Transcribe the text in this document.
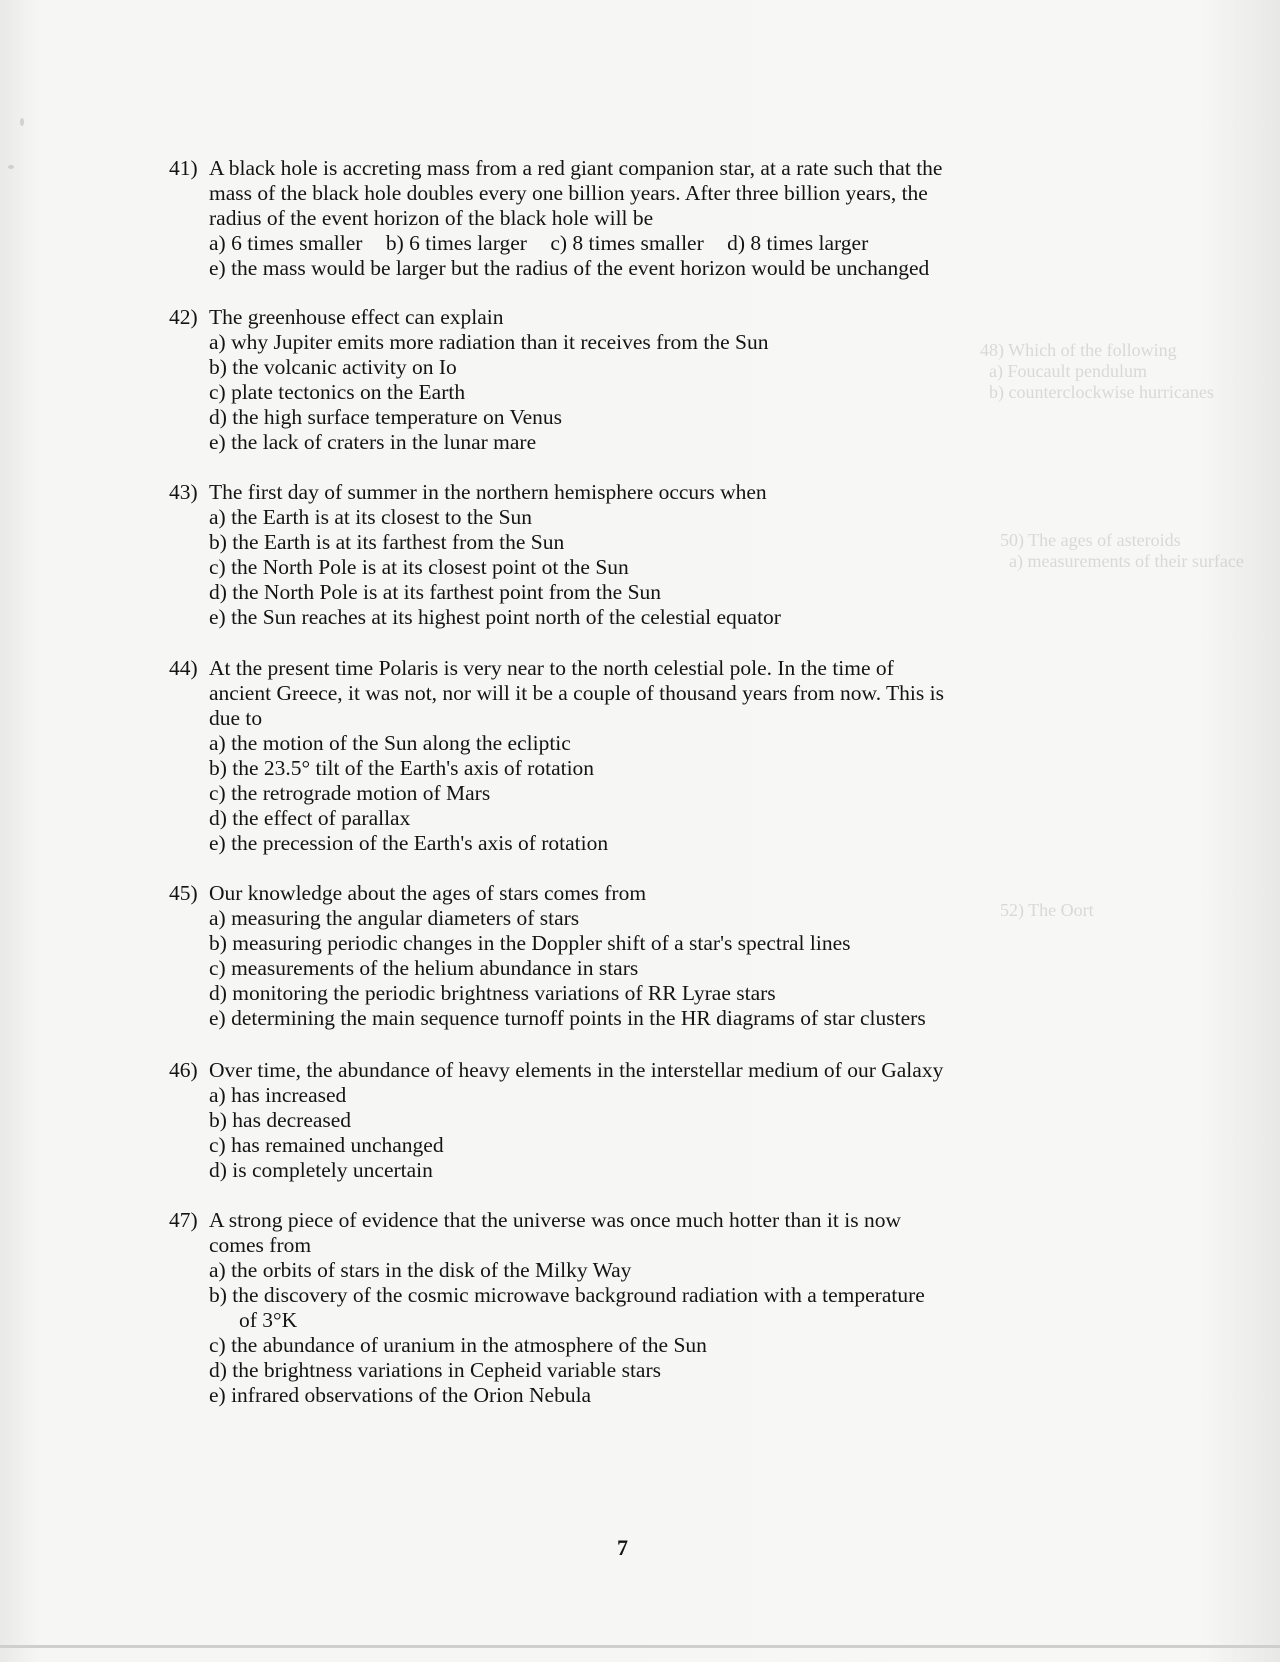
48) Which of the following
a) Foucault pendulum
b) counterclockwise hurricanes
50) The ages of asteroids
a) measurements of their surface
52) The Oort
41) A black hole is accreting mass from a red giant companion star, at a rate such that the
mass of the black hole doubles every one billion years. After three billion years, the
radius of the event horizon of the black hole will be
a) 6 times smaller b) 6 times larger c) 8 times smaller d) 8 times larger
e) the mass would be larger but the radius of the event horizon would be unchanged
42) The greenhouse effect can explain
a) why Jupiter emits more radiation than it receives from the Sun
b) the volcanic activity on Io
c) plate tectonics on the Earth
d) the high surface temperature on Venus
e) the lack of craters in the lunar mare
43) The first day of summer in the northern hemisphere occurs when
a) the Earth is at its closest to the Sun
b) the Earth is at its farthest from the Sun
c) the North Pole is at its closest point ot the Sun
d) the North Pole is at its farthest point from the Sun
e) the Sun reaches at its highest point north of the celestial equator
44) At the present time Polaris is very near to the north celestial pole. In the time of
ancient Greece, it was not, nor will it be a couple of thousand years from now. This is
due to
a) the motion of the Sun along the ecliptic
b) the 23.5° tilt of the Earth's axis of rotation
c) the retrograde motion of Mars
d) the effect of parallax
e) the precession of the Earth's axis of rotation
45) Our knowledge about the ages of stars comes from
a) measuring the angular diameters of stars
b) measuring periodic changes in the Doppler shift of a star's spectral lines
c) measurements of the helium abundance in stars
d) monitoring the periodic brightness variations of RR Lyrae stars
e) determining the main sequence turnoff points in the HR diagrams of star clusters
46) Over time, the abundance of heavy elements in the interstellar medium of our Galaxy
a) has increased
b) has decreased
c) has remained unchanged
d) is completely uncertain
47) A strong piece of evidence that the universe was once much hotter than it is now
comes from
a) the orbits of stars in the disk of the Milky Way
b) the discovery of the cosmic microwave background radiation with a temperature
of 3°K
c) the abundance of uranium in the atmosphere of the Sun
d) the brightness variations in Cepheid variable stars
e) infrared observations of the Orion Nebula
7
